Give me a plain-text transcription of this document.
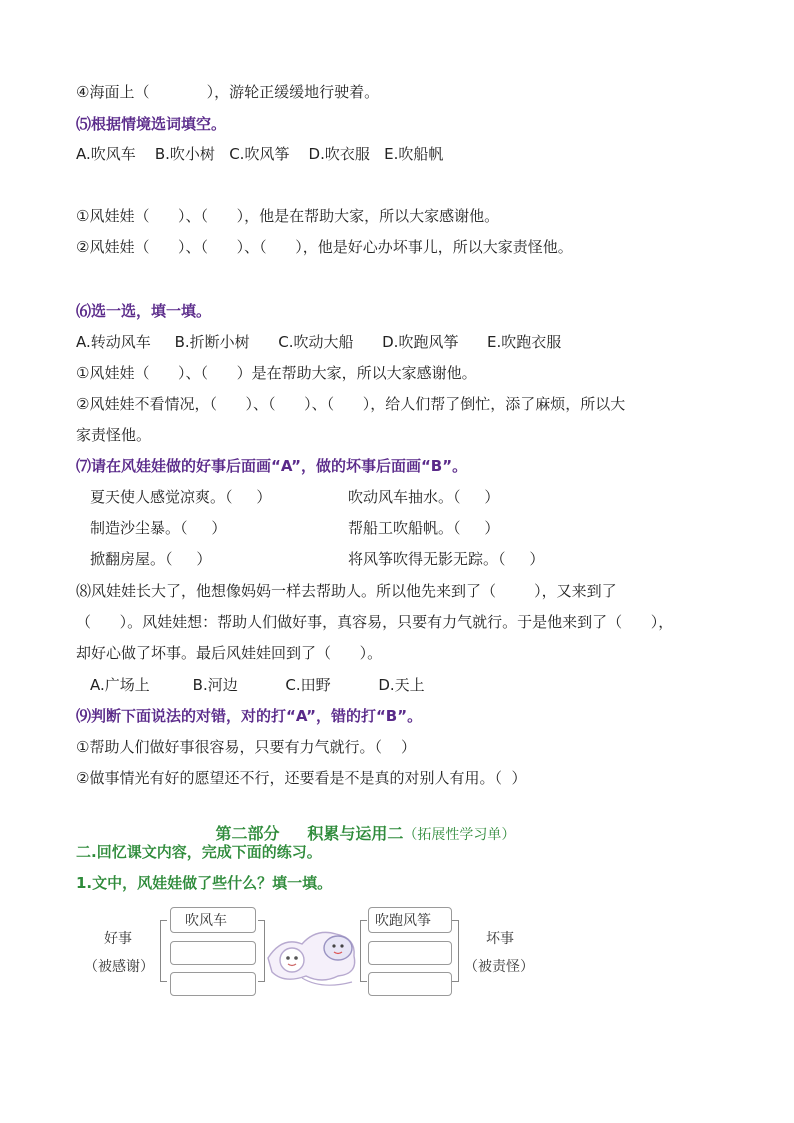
④海面上（            ），游轮正缓缓地行驶着。
⑸根据情境选词填空。
A.吹风车    B.吹小树   C.吹风筝    D.吹衣服   E.吹船帆
①风娃娃（      ）、（      ），他是在帮助大家，所以大家感谢他。
②风娃娃（      ）、（      ）、（      ），他是好心办坏事儿，所以大家责怪他。
⑹选一选，填一填。
A.转动风车     B.折断小树      C.吹动大船      D.吹跑风筝      E.吹跑衣服
①风娃娃（      ）、（      ）是在帮助大家，所以大家感谢他。
②风娃娃不看情况，（      ）、（      ）、（      ），给人们帮了倒忙，添了麻烦，所以大
家责怪他。
⑺请在风娃娃做的好事后面画“A”，做的坏事后面画“B”。
夏天使人感觉凉爽。（     ）	吹动风车抽水。（     ）
制造沙尘暴。（     ）	帮船工吹船帆。（     ）
掀翻房屋。（     ）	将风筝吹得无影无踪。（     ）
⑻风娃娃长大了，他想像妈妈一样去帮助人。所以他先来到了（        ），又来到了
（      ）。风娃娃想：帮助人们做好事，真容易，只要有力气就行。于是他来到了（      ），
却好心做了坏事。最后风娃娃回到了（      ）。
A.广场上         B.河边          C.田野          D.天上
⑼判断下面说法的对错，对的打“A”，错的打“B”。
①帮助人们做好事很容易，只要有力气就行。（    ）
②做事情光有好的愿望还不行，还要看是不是真的对别人有用。（  ）

第二部分     积累与运用二（拓展性学习单）

二.回忆课文内容，完成下面的练习。
1.文中，风娃娃做了些什么？填一填。
好事
（被感谢）
吹风车	吹跑风筝
坏事
（被责怪）
